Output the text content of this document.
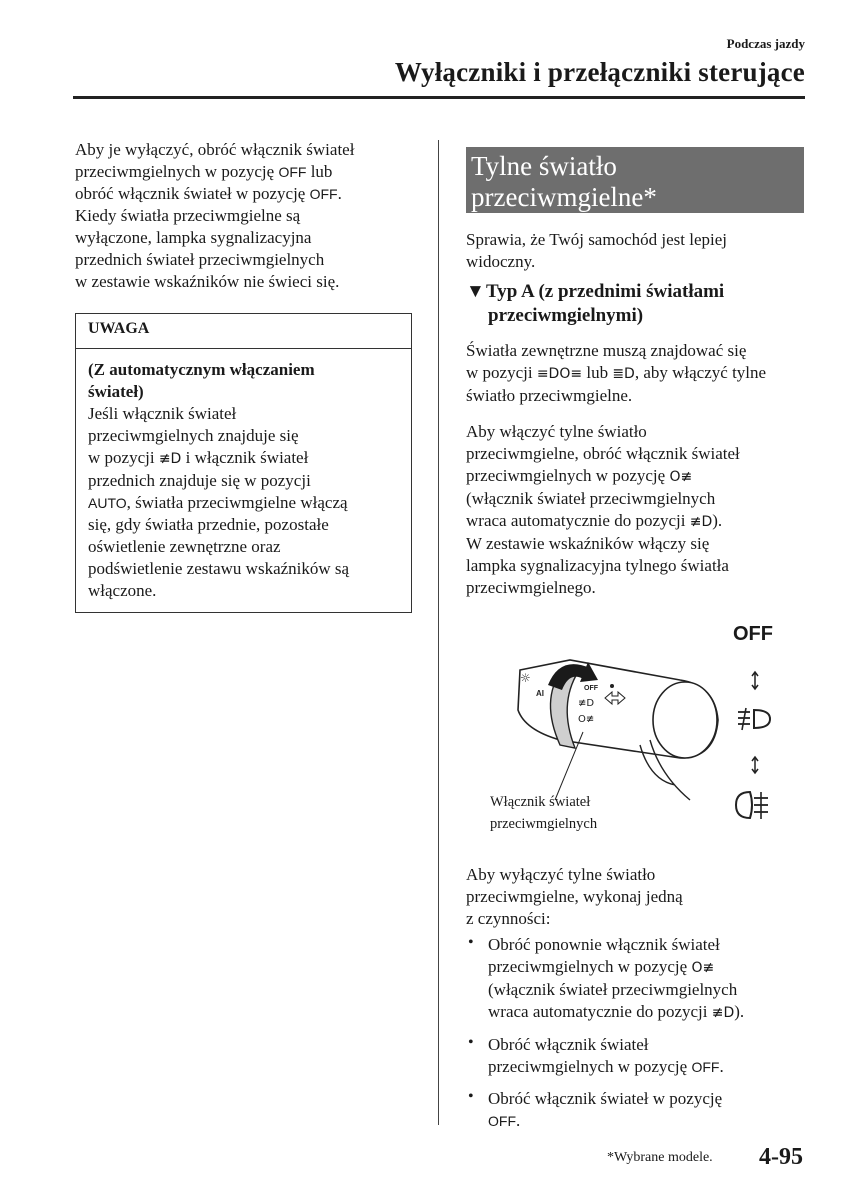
Podczas jazdy
Wyłączniki i przełączniki sterujące

Aby je wyłączyć, obróć włącznik świateł

przeciwmgielnych w pozycję OFF lub

obróć włącznik świateł w pozycję OFF.

Kiedy światła przeciwmgielne są

wyłączone, lampka sygnalizacyjna

przednich świateł przeciwmgielnych

w zestawie wskaźników nie świeci się.

UWAGA
(Z automatycznym włączaniem
świateł)

Jeśli włącznik świateł

przeciwmgielnych znajduje się

w pozycji ≢D i włącznik świateł

przednich znajduje się w pozycji

AUTO, światła przeciwmgielne włączą

się, gdy światła przednie, pozostałe

oświetlenie zewnętrzne oraz

podświetlenie zestawu wskaźników są

włączone.

Tylne światło
przeciwmgielne*

Sprawia, że Twój samochód jest lepiej

widoczny.

▼Typ A (z przednimi światłami
przeciwmgielnymi)

Światła zewnętrzne muszą znajdować się

w pozycji ≡DO≡ lub ≣D, aby włączyć tylne

światło przeciwmgielne.

Aby włączyć tylne światło

przeciwmgielne, obróć włącznik świateł

przeciwmgielnych w pozycję O≢

(włącznik świateł przeciwmgielnych

wraca automatycznie do pozycji ≢D).

W zestawie wskaźników włączy się

lampka sygnalizacyjna tylnego światła

przeciwmgielnego.

OFF
☼
AI
OFF
≢D
O≢
Włącznik świateł
przeciwmgielnych

Aby wyłączyć tylne światło

przeciwmgielne, wykonaj jedną

z czynności:

• Obróć ponownie włącznik świateł

przeciwmgielnych w pozycję O≢

(włącznik świateł przeciwmgielnych

wraca automatycznie do pozycji ≢D).

• Obróć włącznik świateł

przeciwmgielnych w pozycję OFF.

• Obróć włącznik świateł w pozycję

OFF.

*Wybrane modele. 4-95
